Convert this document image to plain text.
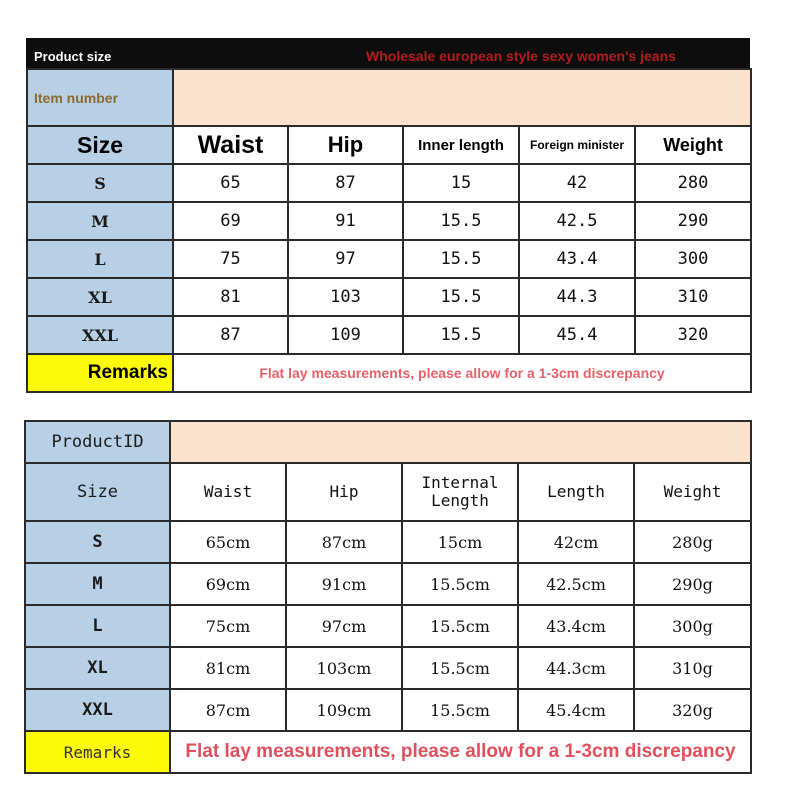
Product size	Wholesale european style sexy women's jeans
Item number					
Size	Waist	Hip	Inner length	Foreign minister	Weight
S	65	87	15	42	280
M	69	91	15.5	42.5	290
L	75	97	15.5	43.4	300
XL	81	103	15.5	44.3	310
XXL	87	109	15.5	45.4	320
Remarks	Flat lay measurements, please allow for a 1-3cm discrepancy				
ProductID					
Size	Waist	Hip	Internal Length	Length	Weight
S	65cm	87cm	15cm	42cm	280g
M	69cm	91cm	15.5cm	42.5cm	290g
L	75cm	97cm	15.5cm	43.4cm	300g
XL	81cm	103cm	15.5cm	44.3cm	310g
XXL	87cm	109cm	15.5cm	45.4cm	320g
Remarks	Flat lay measurements, please allow for a 1-3cm discrepancy				
